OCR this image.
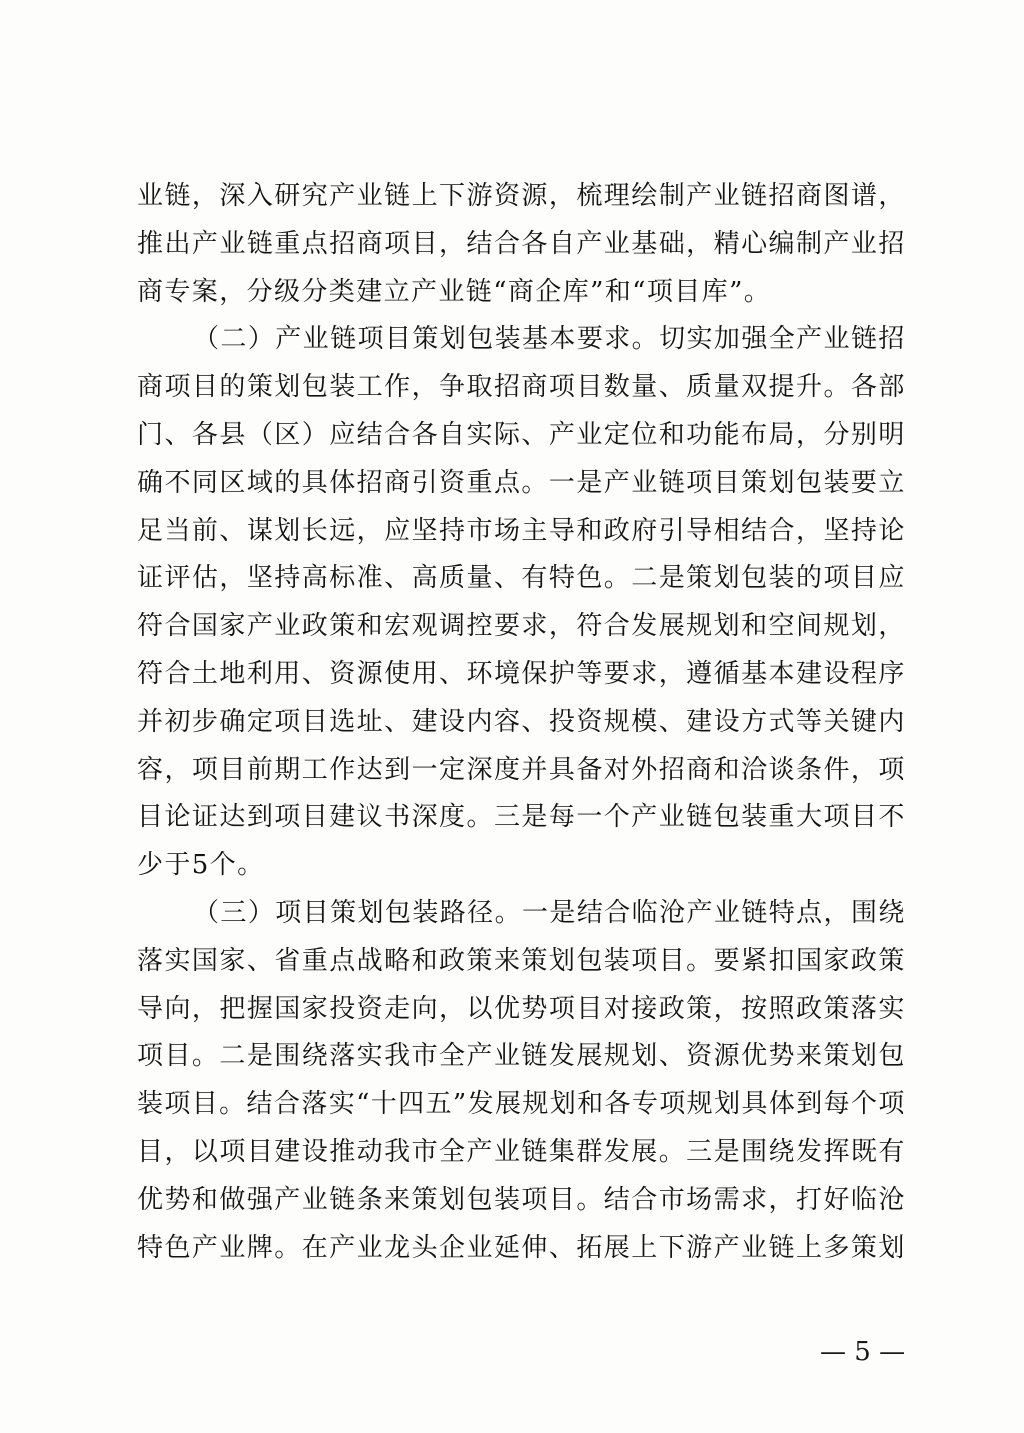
业链，深入研究产业链上下游资源，梳理绘制产业链招商图谱，
推出产业链重点招商项目，结合各自产业基础，精心编制产业招
商专案，分级分类建立产业链“商企库”和“项目库”。
（二）产业链项目策划包装基本要求。切实加强全产业链招
商项目的策划包装工作，争取招商项目数量、质量双提升。各部
门、各县（区）应结合各自实际、产业定位和功能布局，分别明
确不同区域的具体招商引资重点。一是产业链项目策划包装要立
足当前、谋划长远，应坚持市场主导和政府引导相结合，坚持论
证评估，坚持高标准、高质量、有特色。二是策划包装的项目应
符合国家产业政策和宏观调控要求，符合发展规划和空间规划，
符合土地利用、资源使用、环境保护等要求，遵循基本建设程序
并初步确定项目选址、建设内容、投资规模、建设方式等关键内
容，项目前期工作达到一定深度并具备对外招商和洽谈条件，项
目论证达到项目建议书深度。三是每一个产业链包装重大项目不
少于5个。
（三）项目策划包装路径。一是结合临沧产业链特点，围绕
落实国家、省重点战略和政策来策划包装项目。要紧扣国家政策
导向，把握国家投资走向，以优势项目对接政策，按照政策落实
项目。二是围绕落实我市全产业链发展规划、资源优势来策划包
装项目。结合落实“十四五”发展规划和各专项规划具体到每个项
目，以项目建设推动我市全产业链集群发展。三是围绕发挥既有
优势和做强产业链条来策划包装项目。结合市场需求，打好临沧
特色产业牌。在产业龙头企业延伸、拓展上下游产业链上多策划
— 5 —
